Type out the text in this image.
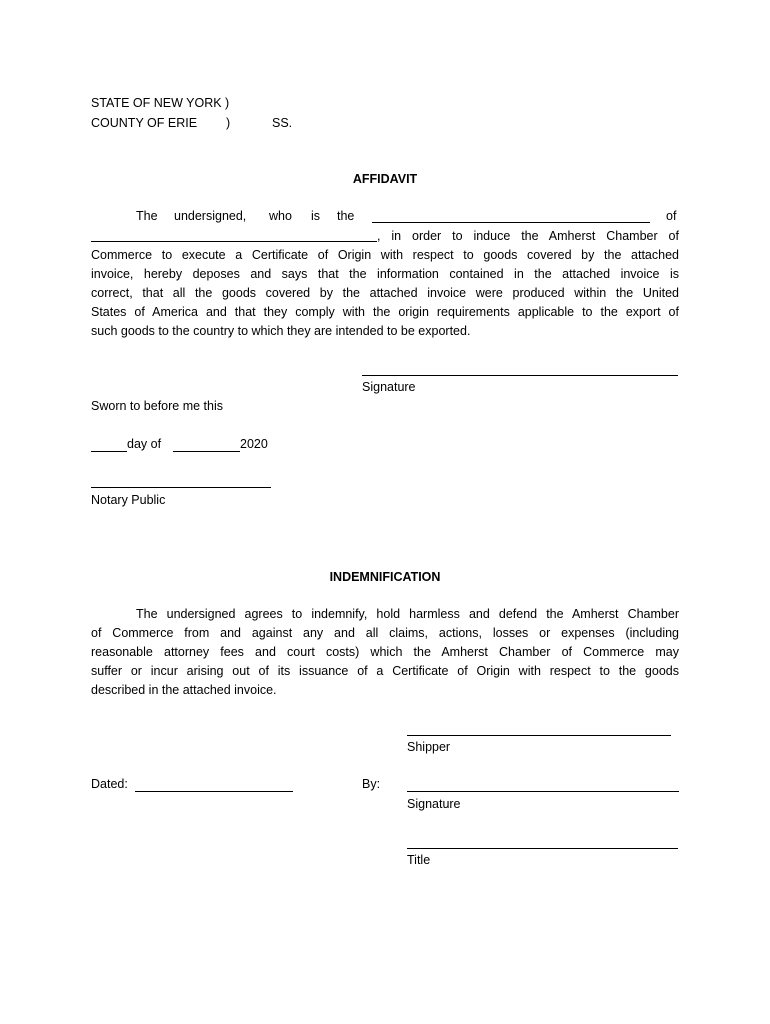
STATE OF NEW YORK )
COUNTY OF ERIE )	SS.
AFFIDAVIT
The undersigned, who is the	of
, in order to induce the Amherst Chamber of
Commerce to execute a Certificate of Origin with respect to goods covered by the attached
invoice, hereby deposes and says that the information contained in the attached invoice is
correct, that all the goods covered by the attached invoice were produced within the United
States of America and that they comply with the origin requirements applicable to the export of
such goods to the country to which they are intended to be exported.
Signature
Sworn to before me this
day of	2020
Notary Public
INDEMNIFICATION
The undersigned agrees to indemnify, hold harmless and defend the Amherst Chamber
of Commerce from and against any and all claims, actions, losses or expenses (including
reasonable attorney fees and court costs) which the Amherst Chamber of Commerce may
suffer or incur arising out of its issuance of a Certificate of Origin with respect to the goods
described in the attached invoice.
Shipper
Dated:	By:
Signature
Title
